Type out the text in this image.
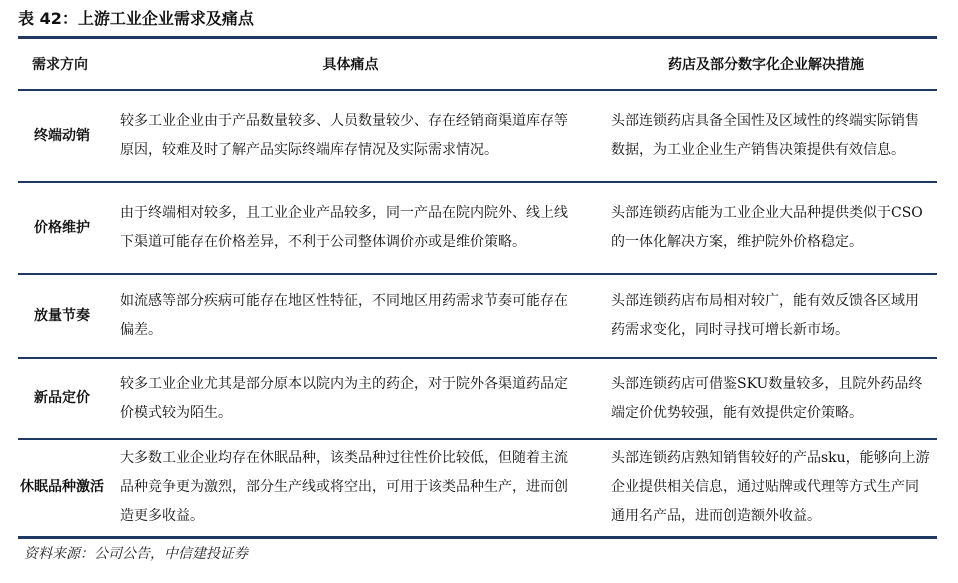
表 42：上游工业企业需求及痛点
需求方向	具体痛点	药店及部分数字化企业解决措施
终端动销	较多工业企业由于产品数量较多、人员数量较少、存在经销商渠道库存等原因，较难及时了解产品实际终端库存情况及实际需求情况。	头部连锁药店具备全国性及区域性的终端实际销售数据，为工业企业生产销售决策提供有效信息。
价格维护	由于终端相对较多，且工业企业产品较多，同一产品在院内院外、线上线下渠道可能存在价格差异，不利于公司整体调价亦或是维价策略。	头部连锁药店能为工业企业大品种提供类似于CSO的一体化解决方案，维护院外价格稳定。
放量节奏	如流感等部分疾病可能存在地区性特征，不同地区用药需求节奏可能存在偏差。	头部连锁药店布局相对较广，能有效反馈各区域用药需求变化，同时寻找可增长新市场。
新品定价	较多工业企业尤其是部分原本以院内为主的药企，对于院外各渠道药品定价模式较为陌生。	头部连锁药店可借鉴SKU数量较多，且院外药品终端定价优势较强，能有效提供定价策略。
休眠品种激活	大多数工业企业均存在休眠品种，该类品种过往性价比较低，但随着主流品种竞争更为激烈，部分生产线或将空出，可用于该类品种生产，进而创造更多收益。	头部连锁药店熟知销售较好的产品sku，能够向上游企业提供相关信息，通过贴牌或代理等方式生产同通用名产品，进而创造额外收益。
资料来源：公司公告，中信建投证券
